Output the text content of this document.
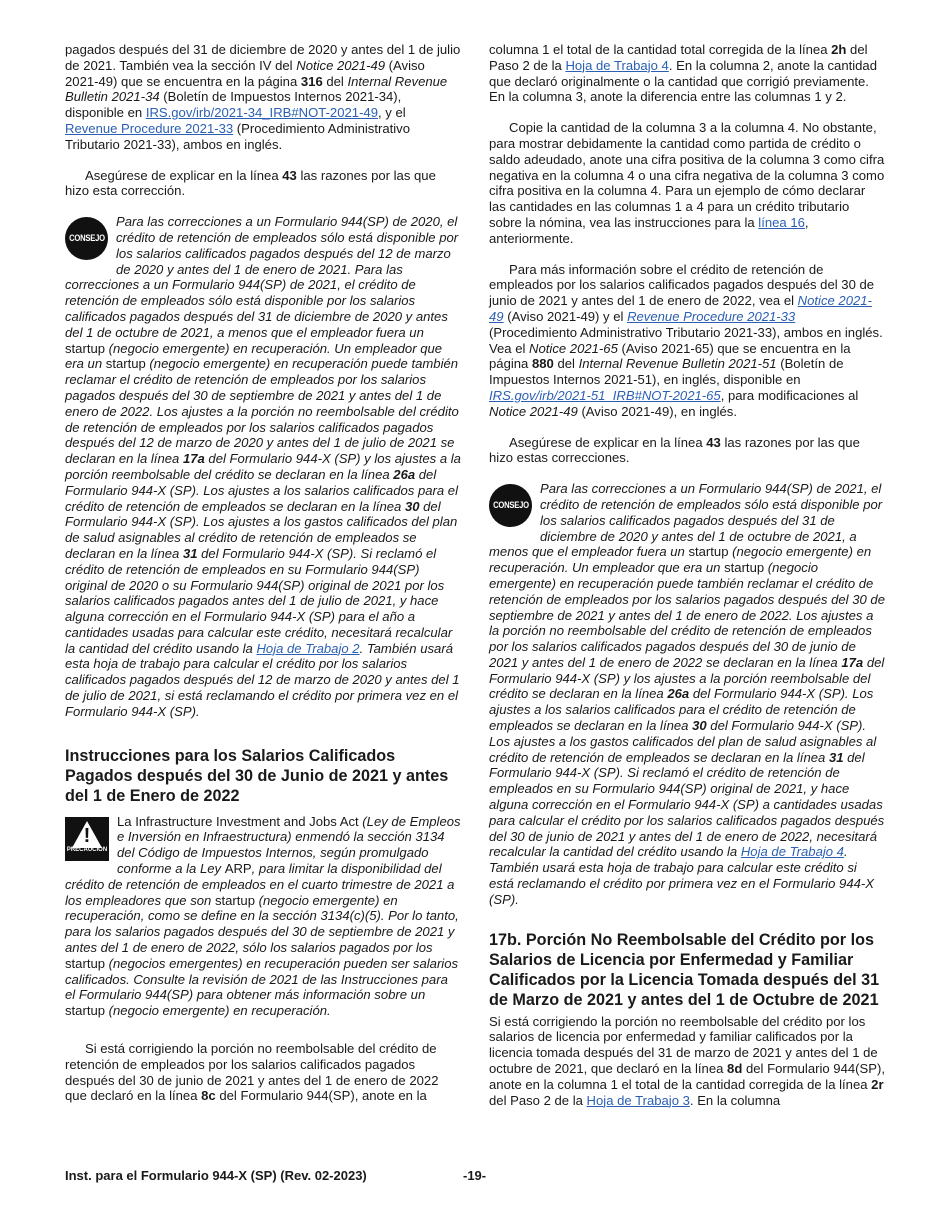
pagados después del 31 de diciembre de 2020 y antes del 1 de julio de 2021. También vea la sección IV del Notice 2021-49 (Aviso 2021-49) que se encuentra en la página 316 del Internal Revenue Bulletin 2021-34 (Boletín de Impuestos Internos 2021-34), disponible en IRS.gov/irb/2021-34_IRB#NOT-2021-49, y el Revenue Procedure 2021-33 (Procedimiento Administrativo Tributario 2021-33), ambos en inglés.

Asegúrese de explicar en la línea 43 las razones por las que hizo esta corrección.

CONSEJO
Para las correcciones a un Formulario 944(SP) de 2020, el crédito de retención de empleados sólo está disponible por los salarios calificados pagados después del 12 de marzo de 2020 y antes del 1 de enero de 2021. Para las correcciones a un Formulario 944(SP) de 2021, el crédito de retención de empleados sólo está disponible por los salarios calificados pagados después del 31 de diciembre de 2020 y antes del 1 de octubre de 2021, a menos que el empleador fuera un startup (negocio emergente) en recuperación. Un empleador que era un startup (negocio emergente) en recuperación puede también reclamar el crédito de retención de empleados por los salarios pagados después del 30 de septiembre de 2021 y antes del 1 de enero de 2022. Los ajustes a la porción no reembolsable del crédito de retención de empleados por los salarios calificados pagados después del 12 de marzo de 2020 y antes del 1 de julio de 2021 se declaran en la línea 17a del Formulario 944-X (SP) y los ajustes a la porción reembolsable del crédito se declaran en la línea 26a del Formulario 944-X (SP). Los ajustes a los salarios calificados para el crédito de retención de empleados se declaran en la línea 30 del Formulario 944-X (SP). Los ajustes a los gastos calificados del plan de salud asignables al crédito de retención de empleados se declaran en la línea 31 del Formulario 944-X (SP). Si reclamó el crédito de retención de empleados en su Formulario 944(SP) original de 2020 o su Formulario 944(SP) original de 2021 por los salarios calificados pagados antes del 1 de julio de 2021, y hace alguna corrección en el Formulario 944-X (SP) para el año a cantidades usadas para calcular este crédito, necesitará recalcular la cantidad del crédito usando la Hoja de Trabajo 2. También usará esta hoja de trabajo para calcular el crédito por los salarios calificados pagados después del 12 de marzo de 2020 y antes del 1 de julio de 2021, si está reclamando el crédito por primera vez en el Formulario 944-X (SP).
Instrucciones para los Salarios Calificados Pagados después del 30 de Junio de 2021 y antes del 1 de Enero de 2022
!
PRECAUCION
La Infrastructure Investment and Jobs Act (Ley de Empleos e Inversión en Infraestructura) enmendó la sección 3134 del Código de Impuestos Internos, según promulgado conforme a la Ley ARP, para limitar la disponibilidad del crédito de retención de empleados en el cuarto trimestre de 2021 a los empleadores que son startup (negocio emergente) en recuperación, como se define en la sección 3134(c)(5). Por lo tanto, para los salarios pagados después del 30 de septiembre de 2021 y antes del 1 de enero de 2022, sólo los salarios pagados por los startup (negocios emergentes) en recuperación pueden ser salarios calificados. Consulte la revisión de 2021 de las Instrucciones para el Formulario 944(SP) para obtener más información sobre un startup (negocio emergente) en recuperación.

Si está corrigiendo la porción no reembolsable del crédito de retención de empleados por los salarios calificados pagados después del 30 de junio de 2021 y antes del 1 de enero de 2022 que declaró en la línea 8c del Formulario 944(SP), anote en la

columna 1 el total de la cantidad total corregida de la línea 2h del Paso 2 de la Hoja de Trabajo 4. En la columna 2, anote la cantidad que declaró originalmente o la cantidad que corrigió previamente. En la columna 3, anote la diferencia entre las columnas 1 y 2.

Copie la cantidad de la columna 3 a la columna 4. No obstante, para mostrar debidamente la cantidad como partida de crédito o saldo adeudado, anote una cifra positiva de la columna 3 como cifra negativa en la columna 4 o una cifra negativa de la columna 3 como cifra positiva en la columna 4. Para un ejemplo de cómo declarar las cantidades en las columnas 1 a 4 para un crédito tributario sobre la nómina, vea las instrucciones para la línea 16, anteriormente.

Para más información sobre el crédito de retención de empleados por los salarios calificados pagados después del 30 de junio de 2021 y antes del 1 de enero de 2022, vea el Notice 2021-49 (Aviso 2021-49) y el Revenue Procedure 2021-33 (Procedimiento Administrativo Tributario 2021-33), ambos en inglés. Vea el Notice 2021-65 (Aviso 2021-65) que se encuentra en la página 880 del Internal Revenue Bulletin 2021-51 (Boletín de Impuestos Internos 2021-51), en inglés, disponible en IRS.gov/irb/2021-51_IRB#NOT-2021-65, para modificaciones al Notice 2021-49 (Aviso 2021-49), en inglés.

Asegúrese de explicar en la línea 43 las razones por las que hizo estas correcciones.

CONSEJO
Para las correcciones a un Formulario 944(SP) de 2021, el crédito de retención de empleados sólo está disponible por los salarios calificados pagados después del 31 de diciembre de 2020 y antes del 1 de octubre de 2021, a menos que el empleador fuera un startup (negocio emergente) en recuperación. Un empleador que era un startup (negocio emergente) en recuperación puede también reclamar el crédito de retención de empleados por los salarios pagados después del 30 de septiembre de 2021 y antes del 1 de enero de 2022. Los ajustes a la porción no reembolsable del crédito de retención de empleados por los salarios calificados pagados después del 30 de junio de 2021 y antes del 1 de enero de 2022 se declaran en la línea 17a del Formulario 944-X (SP) y los ajustes a la porción reembolsable del crédito se declaran en la línea 26a del Formulario 944-X (SP). Los ajustes a los salarios calificados para el crédito de retención de empleados se declaran en la línea 30 del Formulario 944-X (SP). Los ajustes a los gastos calificados del plan de salud asignables al crédito de retención de empleados se declaran en la línea 31 del Formulario 944-X (SP). Si reclamó el crédito de retención de empleados en su Formulario 944(SP) original de 2021, y hace alguna corrección en el Formulario 944-X (SP) a cantidades usadas para calcular el crédito por los salarios calificados pagados después del 30 de junio de 2021 y antes del 1 de enero de 2022, necesitará recalcular la cantidad del crédito usando la Hoja de Trabajo 4. También usará esta hoja de trabajo para calcular este crédito si está reclamando el crédito por primera vez en el Formulario 944-X (SP).
17b. Porción No Reembolsable del Crédito por los Salarios de Licencia por Enfermedad y Familiar Calificados por la Licencia Tomada después del 31 de Marzo de 2021 y antes del 1 de Octubre de 2021

Si está corrigiendo la porción no reembolsable del crédito por los salarios de licencia por enfermedad y familiar calificados por la licencia tomada después del 31 de marzo de 2021 y antes del 1 de octubre de 2021, que declaró en la línea 8d del Formulario 944(SP), anote en la columna 1 el total de la cantidad corregida de la línea 2r del Paso 2 de la Hoja de Trabajo 3. En la columna

Inst. para el Formulario 944-X (SP) (Rev. 02-2023)	-19-
